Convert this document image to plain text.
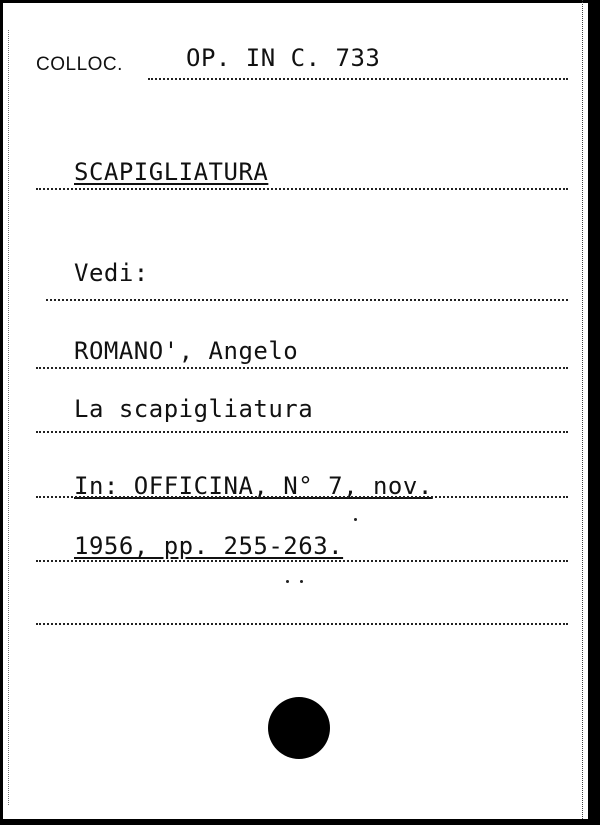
COLLOC.	OP. IN C. 733
SCAPIGLIATURA
Vedi:
ROMANO', Angelo
La scapigliatura
In: OFFICINA, N° 7, nov.
1956, pp. 255-263.
